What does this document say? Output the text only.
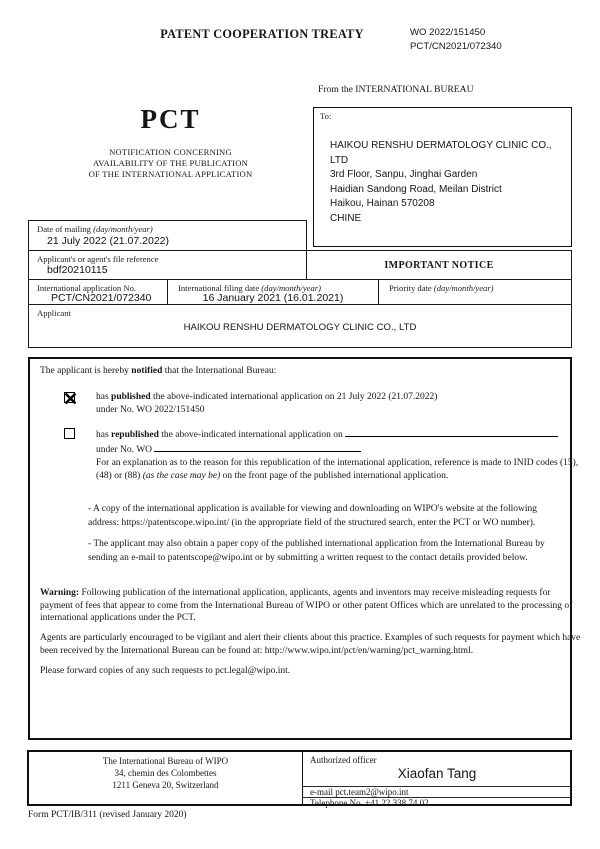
PATENT COOPERATION TREATY	WO 2022/151450
PCT/CN2021/072340
From the INTERNATIONAL BUREAU
PCT
NOTIFICATION CONCERNING
AVAILABILITY OF THE PUBLICATION
OF THE INTERNATIONAL APPLICATION
To:
HAIKOU RENSHU DERMATOLOGY CLINIC CO.,
LTD
3rd Floor, Sanpu, Jinghai Garden
Haidian Sandong Road, Meilan District
Haikou, Hainan 570208
CHINE
Date of mailing (day/month/year)
21 July 2022 (21.07.2022)
Applicant's or agent's file reference
bdf20210115	IMPORTANT NOTICE
International application No.
PCT/CN2021/072340
International filing date (day/month/year)
16 January 2021 (16.01.2021)
Priority date (day/month/year)
Applicant
HAIKOU RENSHU DERMATOLOGY CLINIC CO., LTD
The applicant is hereby notified that the International Bureau:
has published the above-indicated international application on 21 July 2022 (21.07.2022)
under No. WO 2022/151450
has republished the above-indicated international application on
under No. WO
For an explanation as to the reason for this republication of the international application, reference is made to INID codes (15),
(48) or (88) (as the case may be) on the front page of the published international application.
- A copy of the international application is available for viewing and downloading on WIPO's website at the following
address: https://patentscope.wipo.int/ (in the appropriate field of the structured search, enter the PCT or WO number).
- The applicant may also obtain a paper copy of the published international application from the International Bureau by
sending an e-mail to patentscope@wipo.int or by submitting a written request to the contact details provided below.
Warning: Following publication of the international application, applicants, agents and inventors may receive misleading requests for
payment of fees that appear to come from the International Bureau of WIPO or other patent Offices which are unrelated to the processing of
international applications under the PCT.
Agents are particularly encouraged to be vigilant and alert their clients about this practice. Examples of such requests for payment which have
been received by the International Bureau can be found at: http://www.wipo.int/pct/en/warning/pct_warning.html.
Please forward copies of any such requests to pct.legal@wipo.int.
The International Bureau of WIPO
34, chemin des Colombettes
1211 Geneva 20, Switzerland
Authorized officer
Xiaofan Tang
e-mail pct.team2@wipo.int
Telephone No. +41 22 338 74 02
Form PCT/IB/311 (revised January 2020)
